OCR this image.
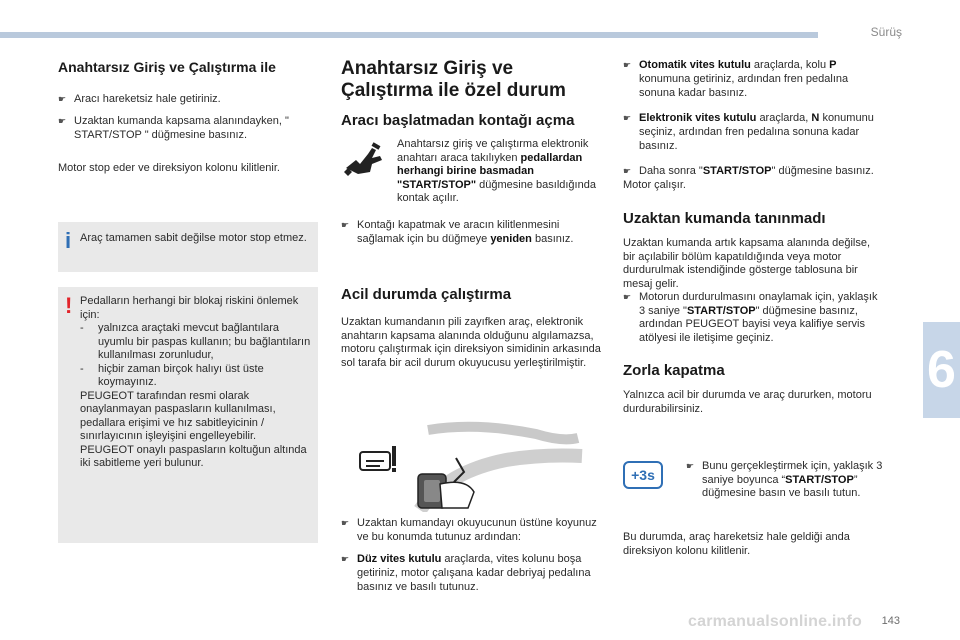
Sürüş
6
Anahtarsız Giriş ve Çalıştırma ile
☛ Aracı hareketsiz hale getiriniz.
☛ Uzaktan kumanda kapsama alanındayken, " START/STOP " düğmesine basınız.
Motor stop eder ve direksiyon kolonu kilitlenir.
i Araç tamamen sabit değilse motor stop etmez.
! Pedalların herhangi bir blokaj riskini önlemek için:
- yalnızca araçtaki mevcut bağlantılara uyumlu bir paspas kullanın; bu bağlantıların kullanılması zorunludur,
- hiçbir zaman birçok halıyı üst üste koymayınız.
PEUGEOT tarafından resmi olarak onaylanmayan paspasların kullanılması, pedallara erişimi ve hız sabitleyicinin / sınırlayıcının işleyişini engelleyebilir. PEUGEOT onaylı paspasların koltuğun altında iki sabitleme yeri bulunur.
Anahtarsız Giriş ve
Çalıştırma ile özel durum
Aracı başlatmadan kontağı açma
Anahtarsız giriş ve çalıştırma elektronik anahtarı araca takılıyken pedallardan herhangi birine basmadan "START/STOP" düğmesine basıldığında kontak açılır.
☛ Kontağı kapatmak ve aracın kilitlenmesini sağlamak için bu düğmeye yeniden basınız.
Acil durumda çalıştırma
Uzaktan kumandanın pili zayıfken araç, elektronik anahtarın kapsama alanında olduğunu algılamazsa, motoru çalıştırmak için direksiyon simidinin arkasında sol tarafa bir acil durum okuyucusu yerleştirilmiştir.
☛ Uzaktan kumandayı okuyucunun üstüne koyunuz ve bu konumda tutunuz ardından:
☛ Düz vites kutulu araçlarda, vites kolunu boşa getiriniz, motor çalışana kadar debriyaj pedalına basınız ve basılı tutunuz.
☛ Otomatik vites kutulu araçlarda, kolu P konumuna getiriniz, ardından fren pedalına sonuna kadar basınız.
☛ Elektronik vites kutulu araçlarda, N konumunu seçiniz, ardından fren pedalına sonuna kadar basınız.
☛ Daha sonra "START/STOP" düğmesine basınız.
Motor çalışır.
Uzaktan kumanda tanınmadı
Uzaktan kumanda artık kapsama alanında değilse, bir açılabilir bölüm kapatıldığında veya motor durdurulmak istendiğinde gösterge tablosuna bir mesaj gelir.
☛ Motorun durdurulmasını onaylamak için, yaklaşık 3 saniye "START/STOP" düğmesine basınız, ardından PEUGEOT bayisi veya kalifiye servis atölyesi ile iletişime geçiniz.
Zorla kapatma
Yalnızca acil bir durumda ve araç dururken, motoru durdurabilirsiniz.
+3s
☛ Bunu gerçekleştirmek için, yaklaşık 3 saniye boyunca “START/STOP” düğmesine basın ve basılı tutun.
Bu durumda, araç hareketsiz hale geldiği anda direksiyon kolonu kilitlenir.
carmanualsonline.info 143
